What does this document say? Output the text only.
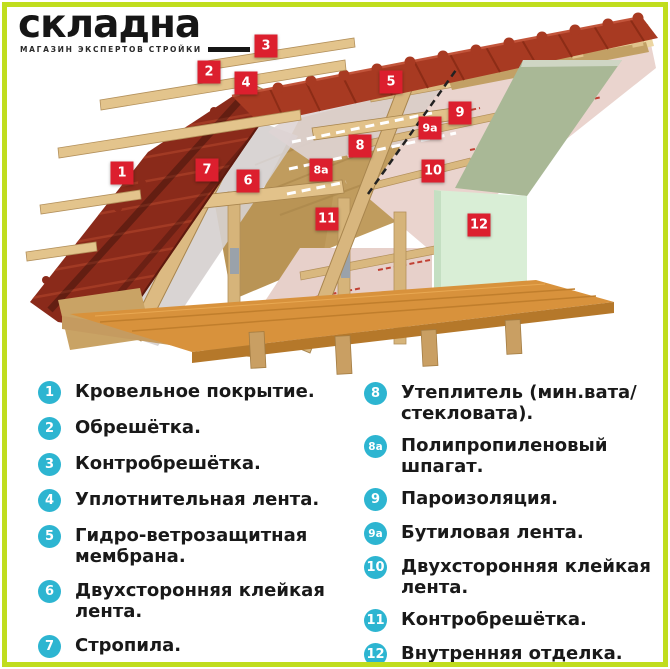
складна
МАГАЗИН ЭКСПЕРТОВ СТРОЙКИ
1
2
3
4	5
6
7
8
8а
9
9а
10
11	12
1	Кровельное покрытие.
2	Обрешётка.
3	Контробрешётка.
4	Уплотнительная лента.
5	Гидро-ветрозащитная мембрана.
6	Двухсторонняя клейкая лента.
7	Стропила.
8	Утеплитель (мин.вата/стекловата).
8а Полипропиленовый шпагат.
9	Пароизоляция.
9а Бутиловая лента.
10 Двухсторонняя клейкая лента.
11 Контробрешётка.
12 Внутренняя отделка.
